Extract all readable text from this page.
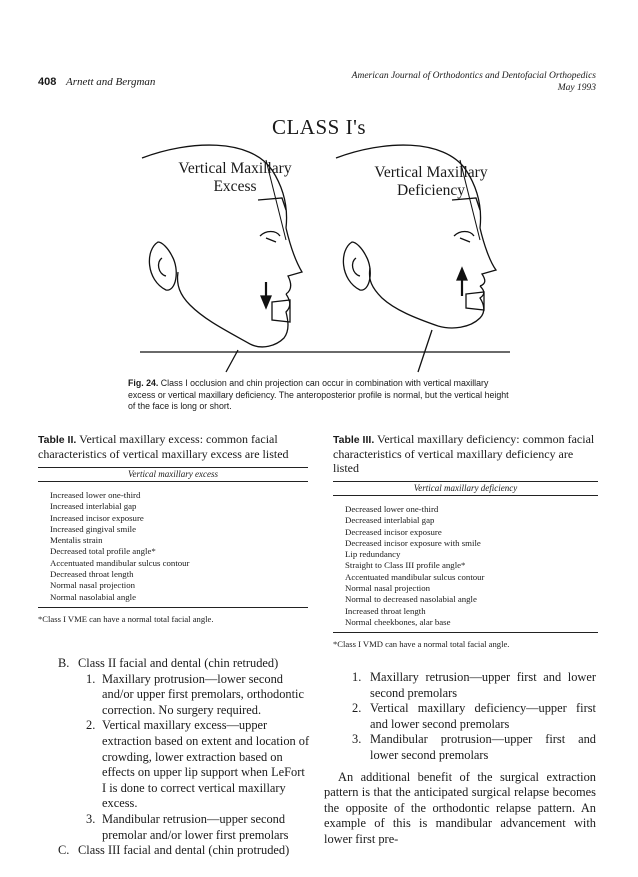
408 Arnett and Bergman	American Journal of Orthodontics and Dentofacial Orthopedics
May 1993
CLASS I's
Vertical Maxillary
Excess
Vertical Maxillary
Deficiency
Fig. 24. Class I occlusion and chin projection can occur in combination with vertical maxillary excess or vertical maxillary deficiency. The anteroposterior profile is normal, but the vertical height of the face is long or short.
Table II. Vertical maxillary excess: common facial characteristics of vertical maxillary excess are listed
Vertical maxillary excess
Increased lower one-third
Increased interlabial gap
Increased incisor exposure
Increased gingival smile
Mentalis strain
Decreased total profile angle*
Accentuated mandibular sulcus contour
Decreased throat length
Normal nasal projection
Normal nasolabial angle
*Class I VME can have a normal total facial angle.
Table III. Vertical maxillary deficiency: common facial characteristics of vertical maxillary deficiency are listed
Vertical maxillary deficiency
Decreased lower one-third
Decreased interlabial gap
Decreased incisor exposure
Decreased incisor exposure with smile
Lip redundancy
Straight to Class III profile angle*
Accentuated mandibular sulcus contour
Normal nasal projection
Normal to decreased nasolabial angle
Increased throat length
Normal cheekbones, alar base
*Class I VMD can have a normal total facial angle.
B. Class II facial and dental (chin retruded)
1. Maxillary protrusion—lower second and/or upper first premolars, orthodontic correction. No surgery required.
2. Vertical maxillary excess—upper extraction based on extent and location of crowding, lower extraction based on effects on upper lip support when LeFort I is done to correct vertical maxillary excess.
3. Mandibular retrusion—upper second premolar and/or lower first premolars
C. Class III facial and dental (chin protruded)
1. Maxillary retrusion—upper first and lower second premolars
2. Vertical maxillary deficiency—upper first and lower second premolars
3. Mandibular protrusion—upper first and lower second premolars
An additional benefit of the surgical extraction pattern is that the anticipated surgical relapse becomes the opposite of the orthodontic relapse pattern. An example of this is mandibular advancement with lower first pre-
